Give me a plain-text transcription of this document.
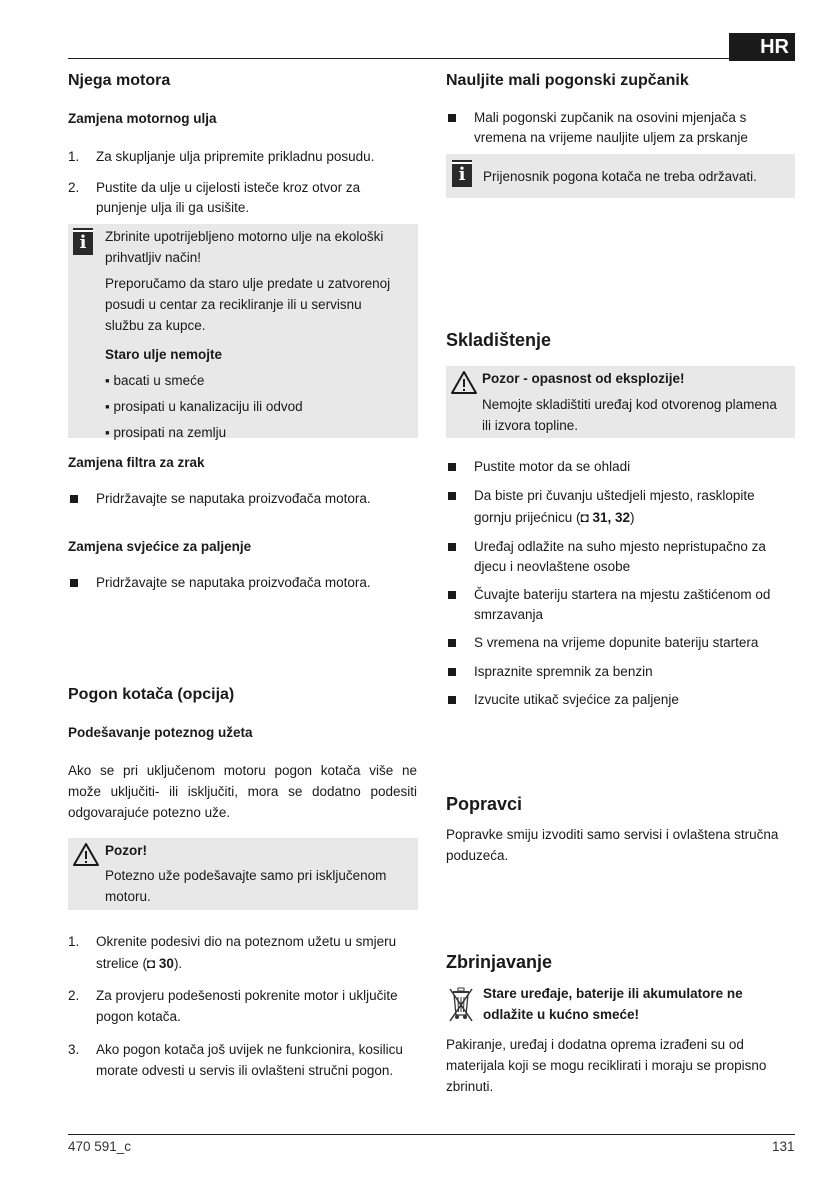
HR
Njega motora
Zamjena motornog ulja
1. Za skupljanje ulja pripremite prikladnu posudu.
2. Pustite da ulje u cijelosti isteče kroz otvor za
punjenje ulja ili ga usišite.
i	Zbrinite upotrijebljeno motorno ulje na ekološki
prihvatljiv način!
Preporučamo da staro ulje predate u zatvorenoj
posudi u centar za recikliranje ili u servisnu
službu za kupce.
Staro ulje nemojte
▪ bacati u smeće
▪ prosipati u kanalizaciju ili odvod
▪ prosipati na zemlju
Zamjena filtra za zrak
Pridržavajte se naputaka proizvođača motora.
Zamjena svjećice za paljenje
Pridržavajte se naputaka proizvođača motora.
Pogon kotača (opcija)
Podešavanje poteznog užeta
Ako se pri uključenom motoru pogon kotača više ne
može uključiti- ili isključiti, mora se dodatno podesiti
odgovarajuće potezno uže.
Pozor!
Potezno uže podešavajte samo pri isključenom
motoru.
1. Okrenite podesivi dio na poteznom užetu u smjeru
strelice (◘ 30).
2. Za provjeru podešenosti pokrenite motor i uključite
pogon kotača.
3. Ako pogon kotača još uvijek ne funkcionira, kosilicu
morate odvesti u servis ili ovlašteni stručni pogon.
Nauljite mali pogonski zupčanik
Mali pogonski zupčanik na osovini mjenjača s
vremena na vrijeme nauljite uljem za prskanje
i	Prijenosnik pogona kotača ne treba održavati.
Skladištenje
Pozor - opasnost od eksplozije!
Nemojte skladištiti uređaj kod otvorenog plamena
ili izvora topline.
Pustite motor da se ohladi
Da biste pri čuvanju uštedjeli mjesto, rasklopite
gornju prijećnicu (◘ 31, 32)
Uređaj odlažite na suho mjesto nepristupačno za
djecu i neovlaštene osobe
Čuvajte bateriju startera na mjestu zaštićenom od
smrzavanja
S vremena na vrijeme dopunite bateriju startera
Ispraznite spremnik za benzin
Izvucite utikač svjećice za paljenje
Popravci
Popravke smiju izvoditi samo servisi i ovlaštena stručna
poduzeća.
Zbrinjavanje
Stare uređaje, baterije ili akumulatore ne
odlažite u kućno smeće!
Pakiranje, uređaj i dodatna oprema izrađeni su od
materijala koji se mogu reciklirati i moraju se propisno
zbrinuti.
470 591_c	131
